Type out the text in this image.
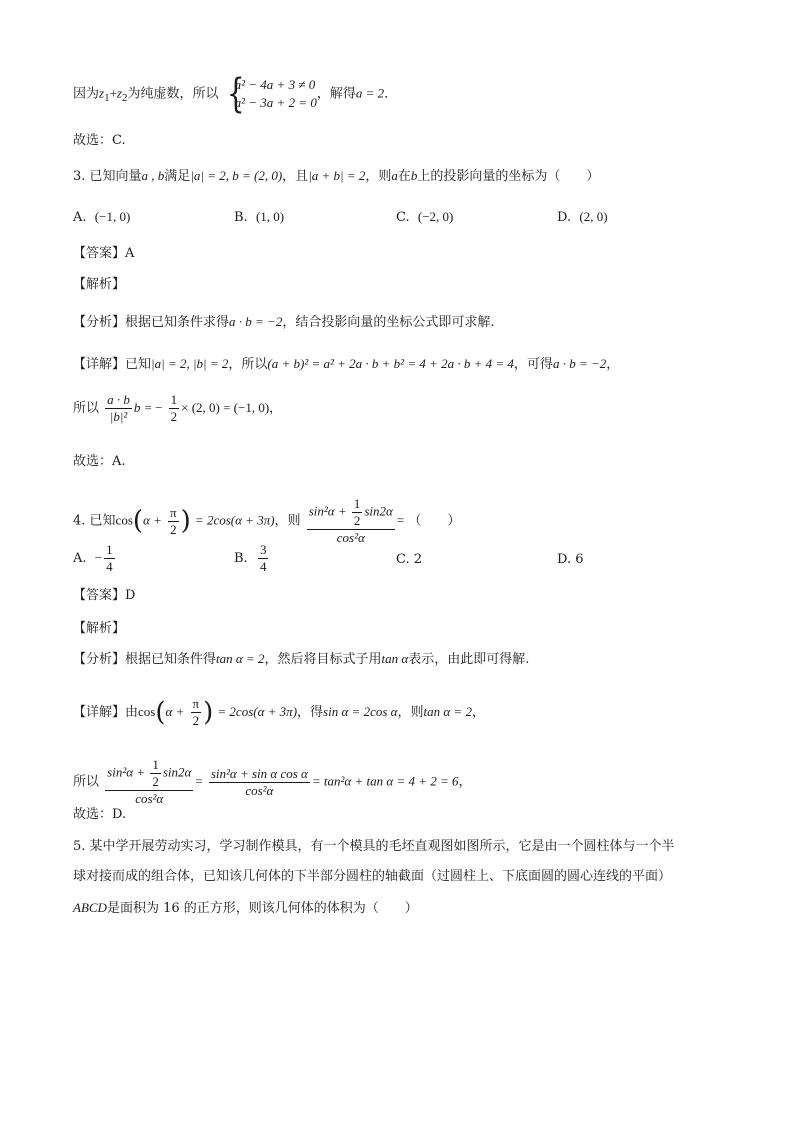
因为$z_1+z_2$为纯虚数，所以 {
a² − 4a + 3 ≠ 0
a² − 3a + 2 = 0
，解得a = 2．
故选：C.
3. 已知向量a , b满足|a| = 2, b = (2, 0)，且|a + b| = 2，则a在b上的投影向量的坐标为（　　）
A. (−1, 0)	B. (1, 0)	C. (−2, 0)	D. (2, 0)
【答案】A
【解析】
【分析】根据已知条件求得a · b = −2，结合投影向量的坐标公式即可求解.
【详解】已知|a| = 2, |b| = 2，所以(a + b)² = a² + 2a · b + b² = 4 + 2a · b + 4 = 4，可得a · b = −2，
所以 $\frac{a \cdot b}{\text{|b|²}}$ b = − $\frac{1}{2} \times (2$, 0) = (−1, 0)，
故选：A.
4. 已知$\cos(\alpha + \frac{\pi}{2}$ ) = 2cos(α + 3π)，则 $\frac{\sin^2\alpha + \frac{1}{2} \sin 2\alpha}{\text{cos²α}}$ = （　　）
A. − $\frac{1}{4}$	B. $\frac{3}{4}$	C. 2	D. 6
【答案】D
【解析】
【分析】根据已知条件得tan α = 2，然后将目标式子用tan α表示，由此即可得解.
【详解】由$\cos(\alpha + \frac{\pi}{2}$ ) = 2cos(α + 3π)，得sin α = 2cos α，则tan α = 2，
所以 $\frac{\sin^2\alpha + \frac{1}{2} \sin 2\alpha}{\text{cos²α}} = \frac{\text{sin²α + sin α cos α}}{\text{cos²α}} = \tan^2\alpha + \tan \alpha = 4 + 2 = 6$，
故选：D.
5. 某中学开展劳动实习，学习制作模具，有一个模具的毛坯直观图如图所示，它是由一个圆柱体与一个半
球对接而成的组合体，已知该几何体的下半部分圆柱的轴截面（过圆柱上、下底面圆的圆心连线的平面）
ABCD是面积为 16 的正方形，则该几何体的体积为（　　）
